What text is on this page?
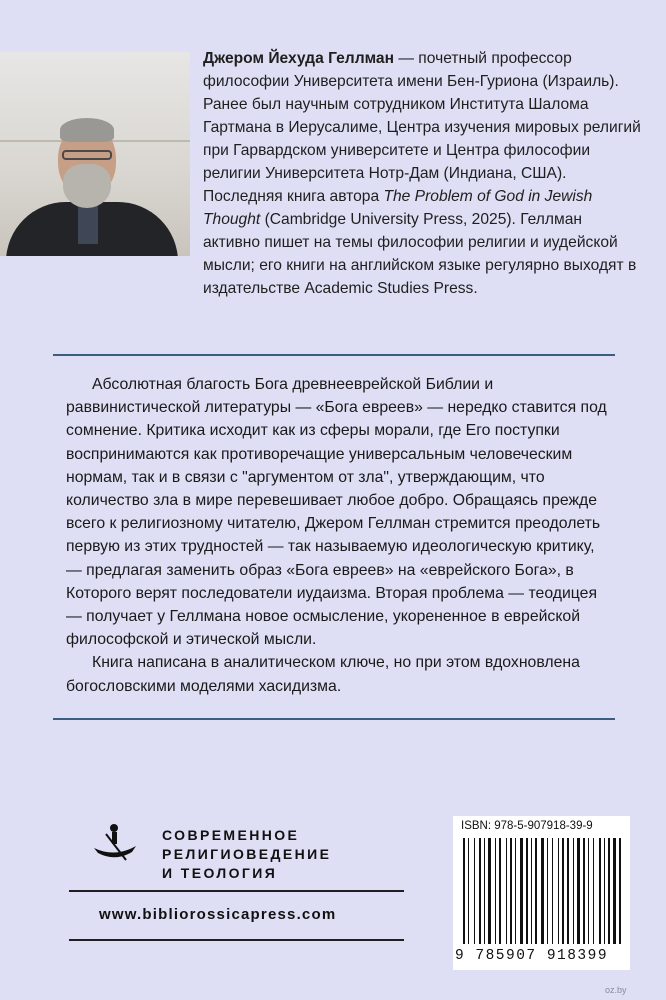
Джером Йехуда Геллман — почетный профессор философии Университета имени Бен-Гуриона (Израиль). Ранее был научным сотрудником Института Шалома Гартмана в Иерусалиме, Центра изучения мировых религий при Гарвардском университете и Центра философии религии Университета Нотр-Дам (Индиана, США). Последняя книга автора The Problem of God in Jewish Thought (Cambridge University Press, 2025). Геллман активно пишет на темы философии религии и иудейской мысли; его книги на английском языке регулярно выходят в издательстве Academic Studies Press.

Абсолютная благость Бога древнееврейской Библии и раввинистической литературы — «Бога евреев» — нередко ставится под сомнение. Критика исходит как из сферы морали, где Его поступки воспринимаются как противоречащие универсальным человеческим нормам, так и в связи с "аргументом от зла", утверждающим, что количество зла в мире перевешивает любое добро. Обращаясь прежде всего к религиозному читателю, Джером Геллман стремится преодолеть первую из этих трудностей — так называемую идеологическую критику, — предлагая заменить образ «Бога евреев» на «еврейского Бога», в Которого верят последователи иудаизма. Вторая проблема — теодицея — получает у Геллмана новое осмысление, укорененное в еврейской философской и этической мысли.

Книга написана в аналитическом ключе, но при этом вдохновлена богословскими моделями хасидизма.

СОВРЕМЕННОЕ
РЕЛИГИОВЕДЕНИЕ
И ТЕОЛОГИЯ
www.bibliorossicapress.com
ISBN: 978-5-907918-39-9
9 785907 918399
oz.by
